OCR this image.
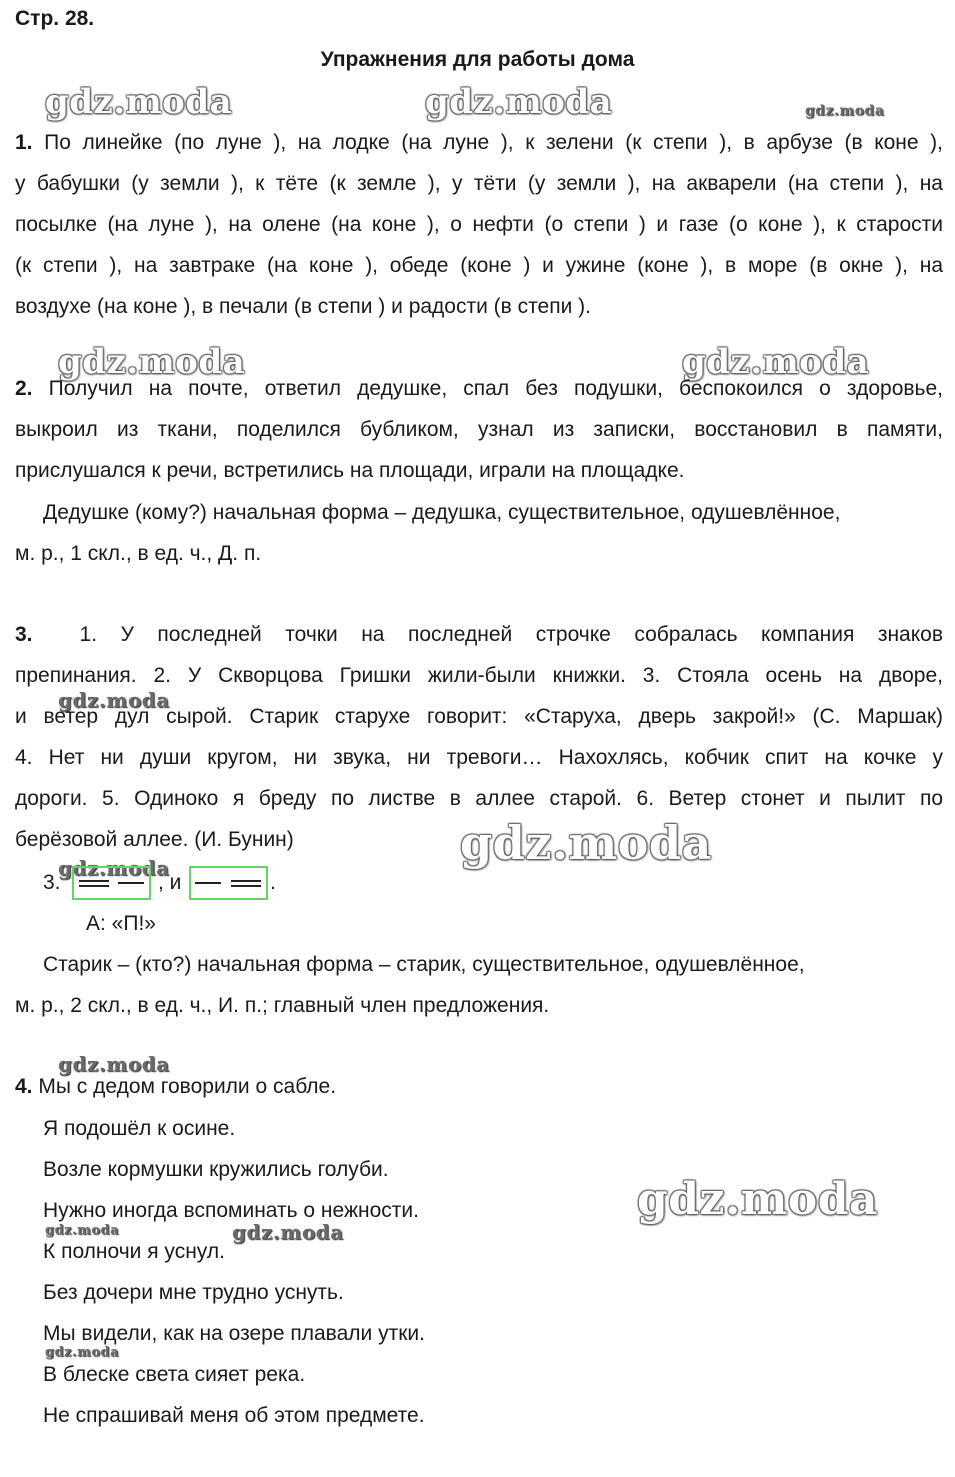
Стр. 28.
Упражнения для работы дома
gdz.moda	gdz.moda	gdz.moda
gdz.moda	gdz.moda
gdz.moda
gdz.moda
gdz.moda
gdz.moda
gdz.moda
gdz.moda	gdz.moda
gdz.moda
1. По линейке (по луне ), на лодке (на луне ), к зелени (к степи ), в арбузе (в коне ),
у бабушки (у земли ), к тёте (к земле ), у тёти (у земли ), на акварели (на степи ), на
посылке (на луне ), на олене (на коне ), о нефти (о степи ) и газе (о коне ), к старости
(к степи ), на завтраке (на коне ), обеде (коне ) и ужине (коне ), в море (в окне ), на
воздухе (на коне ), в печали (в степи ) и радости (в степи ).
2. Получил на почте, ответил дедушке, спал без подушки, беспокоился о здоровье,
выкроил из ткани, поделился бубликом, узнал из записки, восстановил в памяти,
прислушался к речи, встретились на площади, играли на площадке.
Дедушке (кому?) начальная форма – дедушка, существительное, одушевлённое,
м. р., 1 скл., в ед. ч., Д. п.
3. 1. У последней точки на последней строчке собралась компания знаков
препинания. 2. У Скворцова Гришки жили-были книжки. 3. Стояла осень на дворе,
и ветер дул сырой. Старик старухе говорит: «Старуха, дверь закрой!» (С. Маршак)
4. Нет ни души кругом, ни звука, ни тревоги… Нахохлясь, кобчик спит на кочке у
дороги. 5. Одиноко я бреду по листве в аллее старой. 6. Ветер стонет и пылит по
берёзовой аллее. (И. Бунин)
3.	, и	.
А: «П!»
Старик – (кто?) начальная форма – старик, существительное, одушевлённое,
м. р., 2 скл., в ед. ч., И. п.; главный член предложения.
4. Мы с дедом говорили о сабле.
Я подошёл к осине.
Возле кормушки кружились голуби.
Нужно иногда вспоминать о нежности.
К полночи я уснул.
Без дочери мне трудно уснуть.
Мы видели, как на озере плавали утки.
В блеске света сияет река.
Не спрашивай меня об этом предмете.
